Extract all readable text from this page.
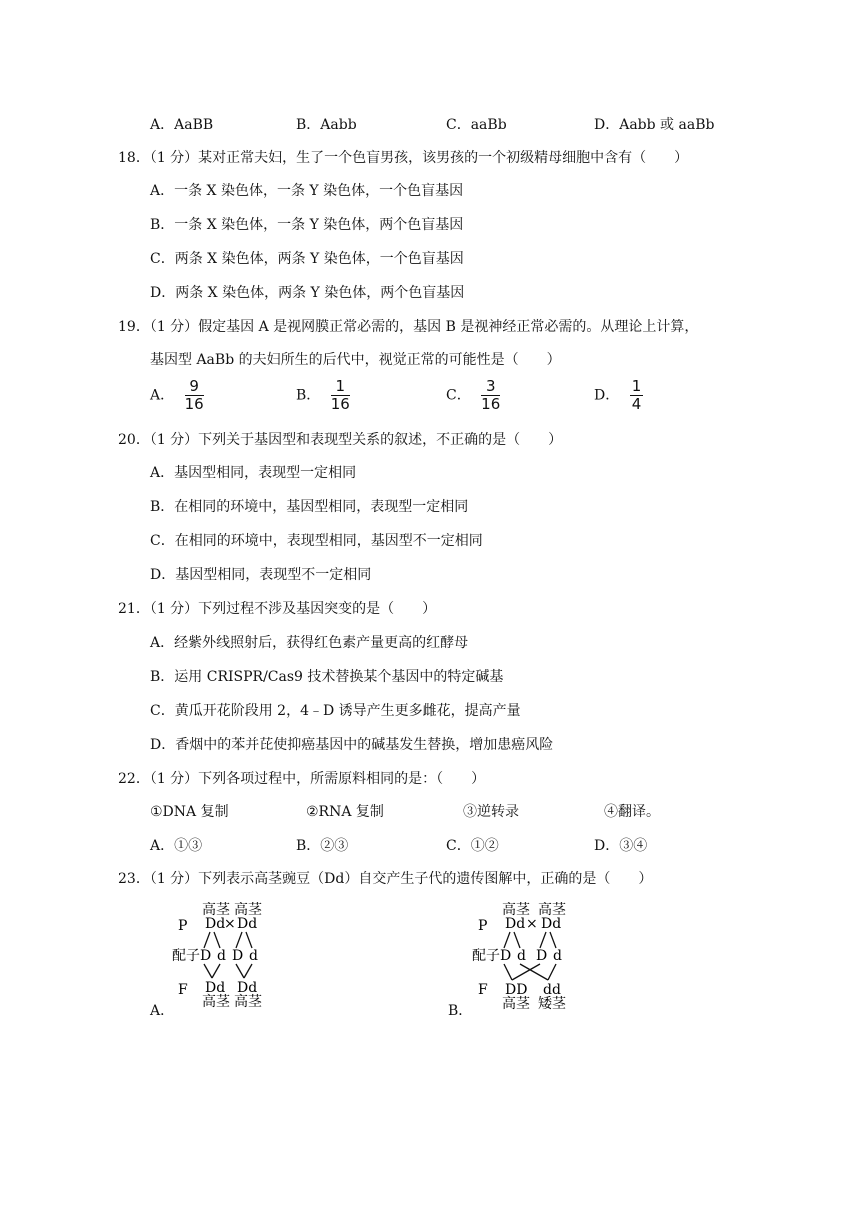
A．AaBB	B．Aabb	C．aaBb	D．Aabb 或 aaBb
18．（1 分）某对正常夫妇，生了一个色盲男孩，该男孩的一个初级精母细胞中含有（　　）
A．一条 X 染色体，一条 Y 染色体，一个色盲基因
B．一条 X 染色体，一条 Y 染色体，两个色盲基因
C．两条 X 染色体，两条 Y 染色体，一个色盲基因
D．两条 X 染色体，两条 Y 染色体，两个色盲基因
19．（1 分）假定基因 A 是视网膜正常必需的，基因 B 是视神经正常必需的。从理论上计算，
基因型 AaBb 的夫妇所生的后代中，视觉正常的可能性是（　　）
A． $\frac{9}{16}$	B． $\frac{1}{16}$	C． $\frac{3}{16}$	D． $\frac{1}{4}$
20．（1 分）下列关于基因型和表现型关系的叙述，不正确的是（　　）
A．基因型相同，表现型一定相同
B．在相同的环境中，基因型相同，表现型一定相同
C．在相同的环境中，表现型相同，基因型不一定相同
D．基因型相同，表现型不一定相同
21．（1 分）下列过程不涉及基因突变的是（　　）
A．经紫外线照射后，获得红色素产量更高的红酵母
B．运用 CRISPR/Cas9 技术替换某个基因中的特定碱基
C．黄瓜开花阶段用 2，4﹣D 诱导产生更多雌花，提高产量
D．香烟中的苯并芘使抑癌基因中的碱基发生替换，增加患癌风险
22．（1 分）下列各项过程中，所需原料相同的是：（　　）
①DNA 复制	②RNA 复制	③逆转录	④翻译。
A．①③	B．②③	C．①②	D．③④
23．（1 分）下列表示高茎豌豆（Dd）自交产生子代的遗传图解中，正确的是（　　）
A．	B．
P
高茎 高茎
Dd
× Dd
配子 D d D d
F Dd Dd
高茎 高茎
P
高茎 高茎
Dd × Dd
配子 D d D d
F DD dd
高茎 矮茎
